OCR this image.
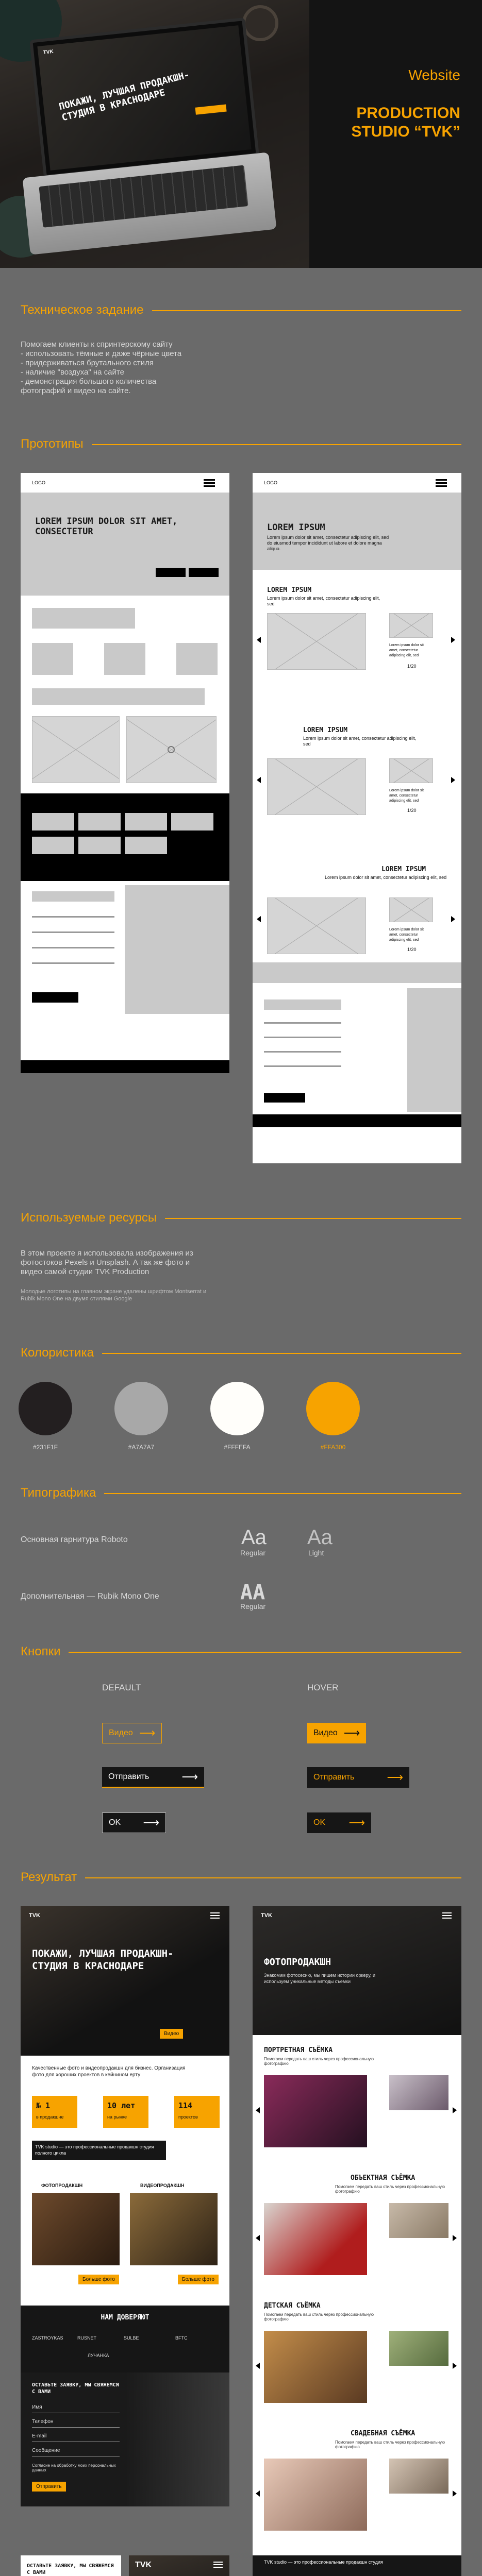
TVK
ПОКАЖИ, ЛУЧШАЯ ПРОДАКШН-СТУДИЯ В КРАСНОДАРЕ
Website
PRODUCTION
STUDIO “TVK”
Техническое задание
Помогаем клиенты к спринтерскому сайту
- использовать тёмные и даже чёрные цвета
- придерживаться брутального стиля
- наличие "воздуха" на сайте
- демонстрация большого количества
фотографий и видео на сайте.
Прототипы
LOGO
LOREM IPSUM DOLOR SIT AMET, CONSECTETUR
LOGO
LOREM IPSUM
Lorem ipsum dolor sit amet, consectetur adipiscing elit, sed do eiusmod tempor incididunt ut labore et dolore magna aliqua.
LOREM IPSUM
Lorem ipsum dolor sit amet, consectetur adipiscing elit, sed
Lorem ipsum dolor sit amet, consectetur adipiscing elit, sed
1/20
LOREM IPSUM
Lorem ipsum dolor sit amet, consectetur adipiscing elit, sed
Lorem ipsum dolor sit amet, consectetur adipiscing elit, sed
1/20
LOREM IPSUM
Lorem ipsum dolor sit amet, consectetur adipiscing elit, sed
Lorem ipsum dolor sit amet, consectetur adipiscing elit, sed
1/20
Используемые ресурсы
В этом проекте я использовала изображения из фотостоков Pexels и Unsplash. А так же фото и видео самой студии TVK Production
Молодые логотипы на главном экране удалены шрифтом Montserrat и Rubik Mono One на двумя стилями Google
Колористика
#231F1F	#A7A7A7	#FFFEFA	#FFA300
Типографика
Основная гарнитура Roboto	Aa
Regular
Aa
Light
Дополнительная — Rubik Mono One	AA
Regular
Кнопки
DEFAULT	HOVER
Видео ⟶	Видео ⟶
Отправить	⟶	Отправить	⟶
OK ⟶	OK ⟶
Результат
TVK
ПОКАЖИ, ЛУЧШАЯ ПРОДАКШН-СТУДИЯ В КРАСНОДАРЕ
Видео
Качественные фото и видеопродакшн для бизнес. Организация фото для хороших проектов в кейнином ерту
№ 1
в продакшне
10 лет
на рынке
114
проектов
TVK studio — это профессиональные продакшн студия полного цикла
ФОТОПРОДАКШН	ВИДЕОПРОДАКШН
Больше фото	Больше фото
НАМ ДОВЕРЯЮТ
ZASTROYKAS	RUSNET	SULBE	BFTC
ЛУЧАНКА
ОСТАВЬТЕ ЗАЯВКУ, МЫ СВЯЖЕМСЯ С ВАМИ
Имя
Телефон
E-mail
Сообщение
Согласие на обработку моих персональных данных
Отправить
TVK
ФОТОПРОДАКШН
Знакомим фотосесию, мы пишем истории оркеру, и используем уникальные методы съемки
ПОРТРЕТНАЯ СЪЁМКА
Помогаем передать ваш стиль через профессиональную фотографию
ОБЪЕКТНАЯ СЪЁМКА
Помогаем передать ваш стиль через профессиональную фотографию
ДЕТСКАЯ СЪЁМКА
Помогаем передать ваш стиль через профессиональную фотографию
СВАДЕБНАЯ СЪЁМКА
Помогаем передать ваш стиль через профессиональную фотографию
TVK studio — это профессиональные продакшн студия
ОСТАВЬТЕ ЗАЯВКУ, МЫ СВЯЖЕМСЯ С ВАМИ
TVK
